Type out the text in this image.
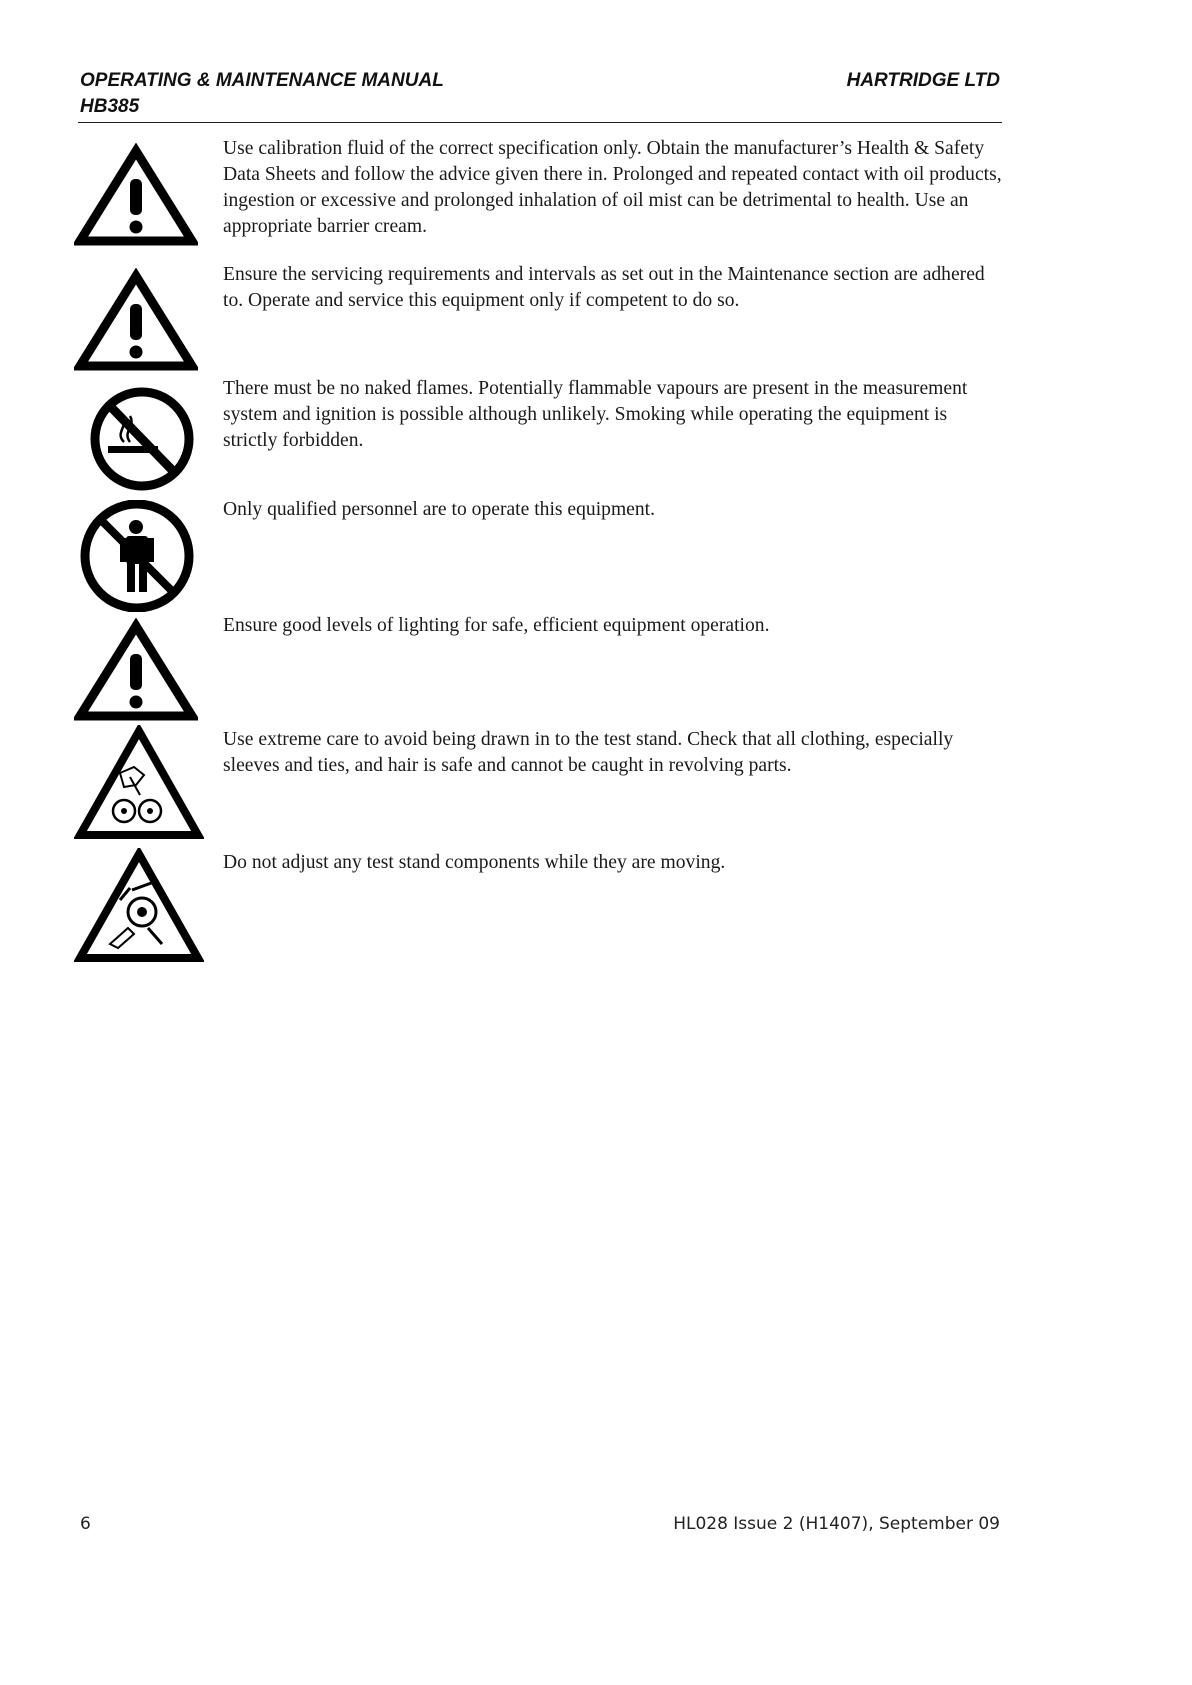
OPERATING & MAINTENANCE MANUAL	HARTRIDGE LTD
HB385

Use calibration fluid of the correct specification only. Obtain the manufacturer’s Health & Safety Data Sheets and follow the advice given there in. Prolonged and repeated contact with oil products, ingestion or excessive and prolonged inhalation of oil mist can be detrimental to health. Use an appropriate barrier cream.

Ensure the servicing requirements and intervals as set out in the Maintenance section are adhered to. Operate and service this equipment only if competent to do so.

There must be no naked flames. Potentially flammable vapours are present in the measurement system and ignition is possible although unlikely. Smoking while operating the equipment is strictly forbidden.

Only qualified personnel are to operate this equipment.

Ensure good levels of lighting for safe, efficient equipment operation.

Use extreme care to avoid being drawn in to the test stand. Check that all clothing, especially sleeves and ties, and hair is safe and cannot be caught in revolving parts.

Do not adjust any test stand components while they are moving.

6	HL028 Issue 2 (H1407), September 09
